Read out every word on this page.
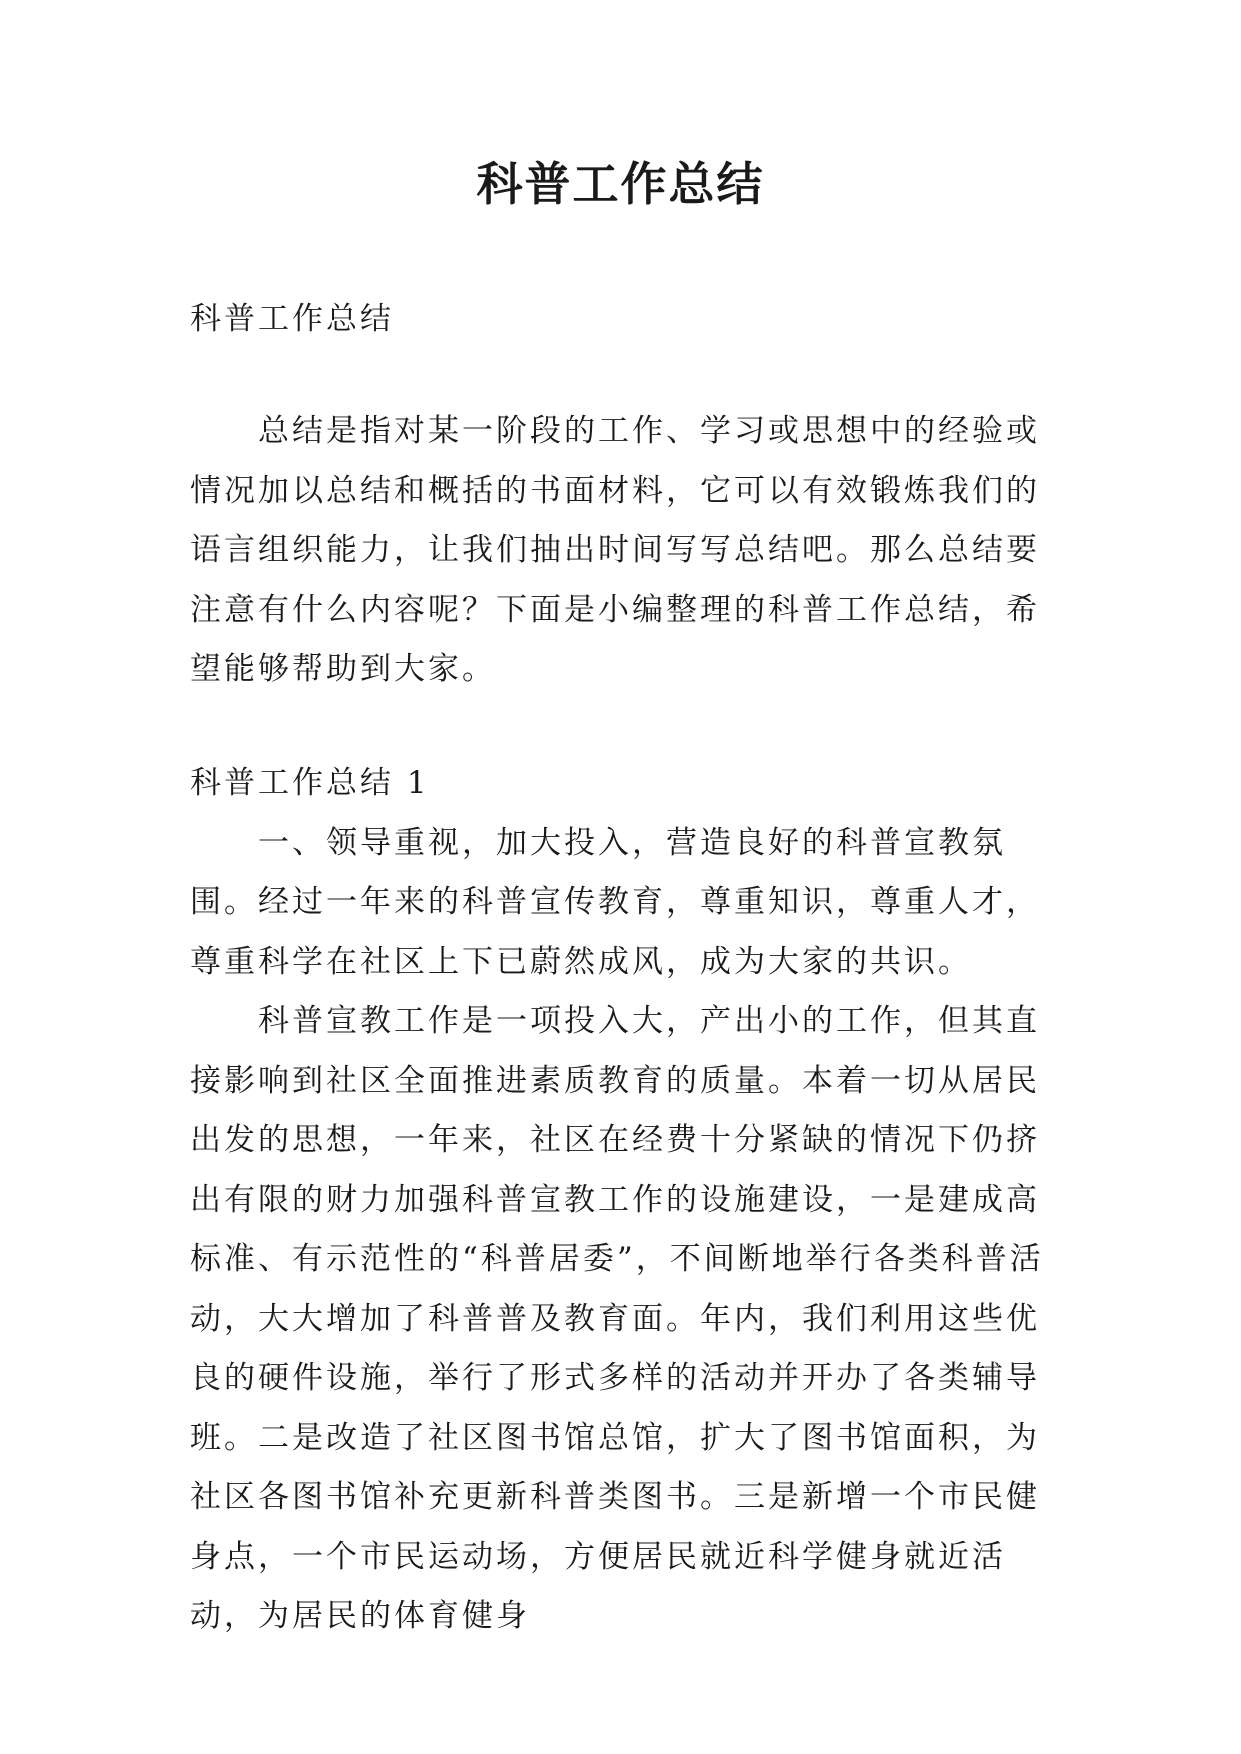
科普工作总结
科普工作总结

总结是指对某一阶段的工作、学习或思想中的经验或情况加以总结和概括的书面材料，它可以有效锻炼我们的语言组织能力，让我们抽出时间写写总结吧。那么总结要注意有什么内容呢？下面是小编整理的科普工作总结，希望能够帮助到大家。

科普工作总结 1

一、领导重视，加大投入，营造良好的科普宣教氛围。经过一年来的科普宣传教育，尊重知识，尊重人才，尊重科学在社区上下已蔚然成风，成为大家的共识。

科普宣教工作是一项投入大，产出小的工作，但其直接影响到社区全面推进素质教育的质量。本着一切从居民出发的思想，一年来，社区在经费十分紧缺的情况下仍挤出有限的财力加强科普宣教工作的设施建设，一是建成高标准、有示范性的“科普居委”，不间断地举行各类科普活动，大大增加了科普普及教育面。年内，我们利用这些优良的硬件设施，举行了形式多样的活动并开办了各类辅导班。二是改造了社区图书馆总馆，扩大了图书馆面积，为社区各图书馆补充更新科普类图书。三是新增一个市民健身点，一个市民运动场，方便居民就近科学健身就近活动，为居民的体育健身
